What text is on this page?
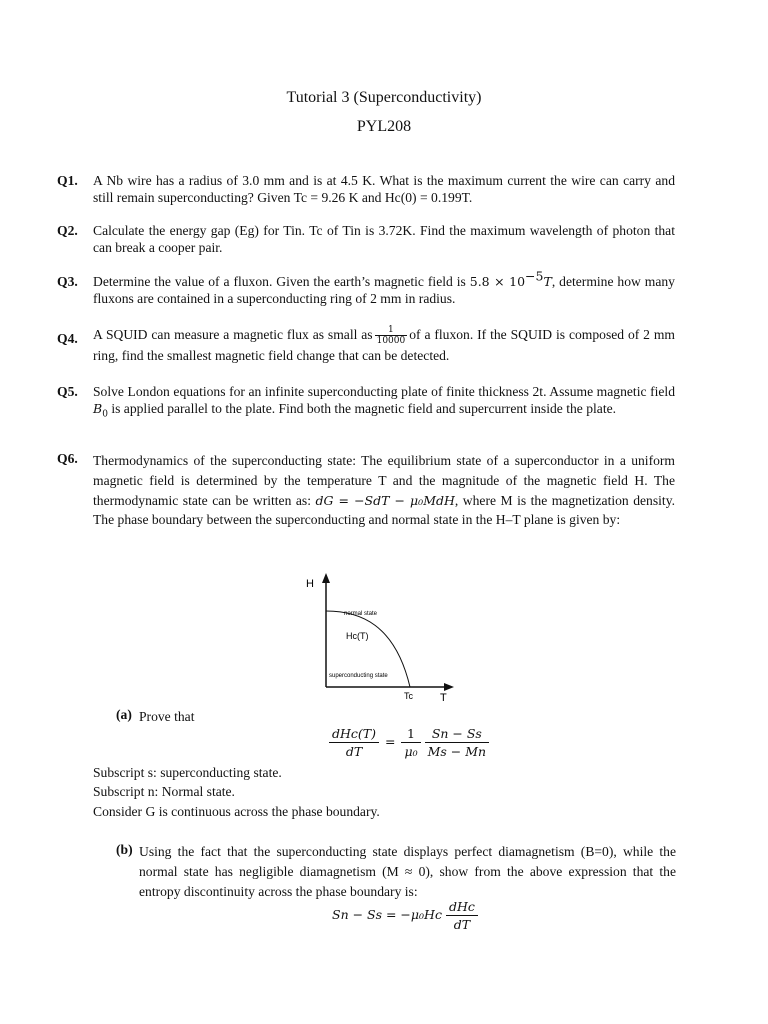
Tutorial 3 (Superconductivity)
PYL208
Q1. A Nb wire has a radius of 3.0 mm and is at 4.5 K. What is the maximum current the wire can carry and still remain superconducting? Given Tc = 9.26 K and Hc(0) = 0.199T.
Q2. Calculate the energy gap (Eg) for Tin. Tc of Tin is 3.72K. Find the maximum wavelength of photon that can break a cooper pair.
Q3. Determine the value of a fluxon. Given the earth’s magnetic field is $5.8 \times 10^{-5}T$, determine how many fluxons are contained in a superconducting ring of 2 mm in radius.
Q4. A SQUID can measure a magnetic flux as small as $\frac{1}{10000}$ of a fluxon. If the SQUID is composed of 2 mm ring, find the smallest magnetic field change that can be detected.
Q5. Solve London equations for an infinite superconducting plate of finite thickness 2t. Assume magnetic field $B_0$ is applied parallel to the plate. Find both the magnetic field and supercurrent inside the plate.
Q6. Thermodynamics of the superconducting state: The equilibrium state of a superconductor in a uniform magnetic field is determined by the temperature T and the magnitude of the magnetic field H. The thermodynamic state can be written as: dG = −SdT − μ₀MdH, where M is the magnetization density. The phase boundary between the superconducting and normal state in the H–T plane is given by:
H
T
Tc
Hc(T)
normal state
superconducting state
(a) Prove that
dHc(T)
dT
= $\frac{1}{\text{μ₀}}$
$\frac{Sn - Ss}{Ms - Mn}$
Subscript s: superconducting state.
Subscript n: Normal state.
Consider G is continuous across the phase boundary.
(b) Using the fact that the superconducting state displays perfect diamagnetism (B=0), while the normal state has negligible diamagnetism (M ≈ 0), show from the above expression that the entropy discontinuity across the phase boundary is:
Sn − Ss = −μ₀Hc
dHc
dT
